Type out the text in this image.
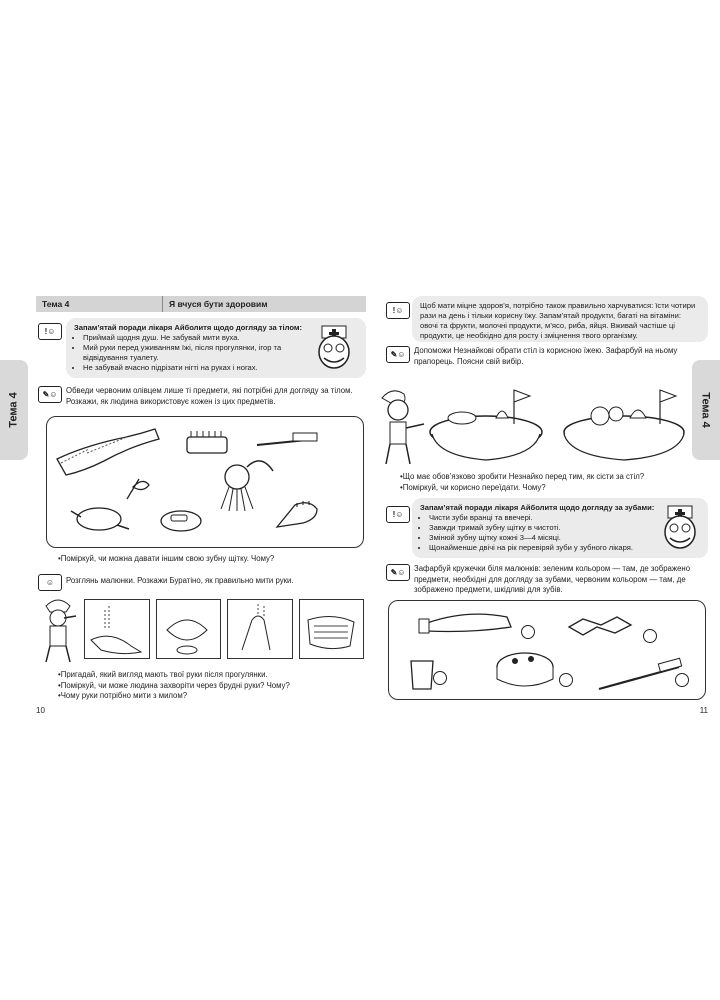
Тема 4	Тема 4
Тема 4	Я вчуся бути здоровим
!☺	Запам’ятай поради лікаря Айболитя щодо догляду за тілом:
• Приймай щодня душ. Не забувай мити вуха.
• Мий руки перед уживанням їжі, після прогулянки, ігор та відвідування туалету.
• Не забувай вчасно підрізати нігті на руках і ногах.
✎☺	Обведи червоним олівцем лише ті предмети, які потрібні для догляду за тілом. Розкажи, як людина використовує кожен із цих предметів.
• Поміркуй, чи можна давати іншим свою зубну щітку. Чому?
☺	Розглянь малюнки. Розкажи Буратіно, як правильно мити руки.
• Пригадай, який вигляд мають твої руки після прогулянки.
• Поміркуй, чи може людина захворіти через брудні руки? Чому?
• Чому руки потрібно мити з милом?
10
!☺
Щоб мати міцне здоров’я, потрібно також правильно харчуватися: їсти чотири рази на день і тільки корисну їжу. Запам’ятай продукти, багаті на вітаміни: овочі та фрукти, молочні продукти, м’ясо, риба, яйця. Вживай частіше ці продукти, це необхідно для росту і зміцнення твого організму.
✎☺	Допоможи Незнайкові обрати стіл із корисною їжею. Зафарбуй на ньому прапорець. Поясни свій вибір.
• Що має обов’язково зробити Незнайко перед тим, як сісти за стіл?
• Поміркуй, чи корисно переїдати. Чому?
!☺
Запам’ятай поради лікаря Айболитя щодо догляду за зубами:
• Чисти зуби вранці та ввечері.
• Завжди тримай зубну щітку в чистоті.
• Змінюй зубну щітку кожні 3—4 місяці.
• Щонайменше двічі на рік перевіряй зуби у зубного лікаря.
✎☺	Зафарбуй кружечки біля малюнків: зеленим кольором — там, де зображено предмети, необхідні для догляду за зубами, червоним кольором — там, де зображено предмети, шкідливі для зубів.
11
